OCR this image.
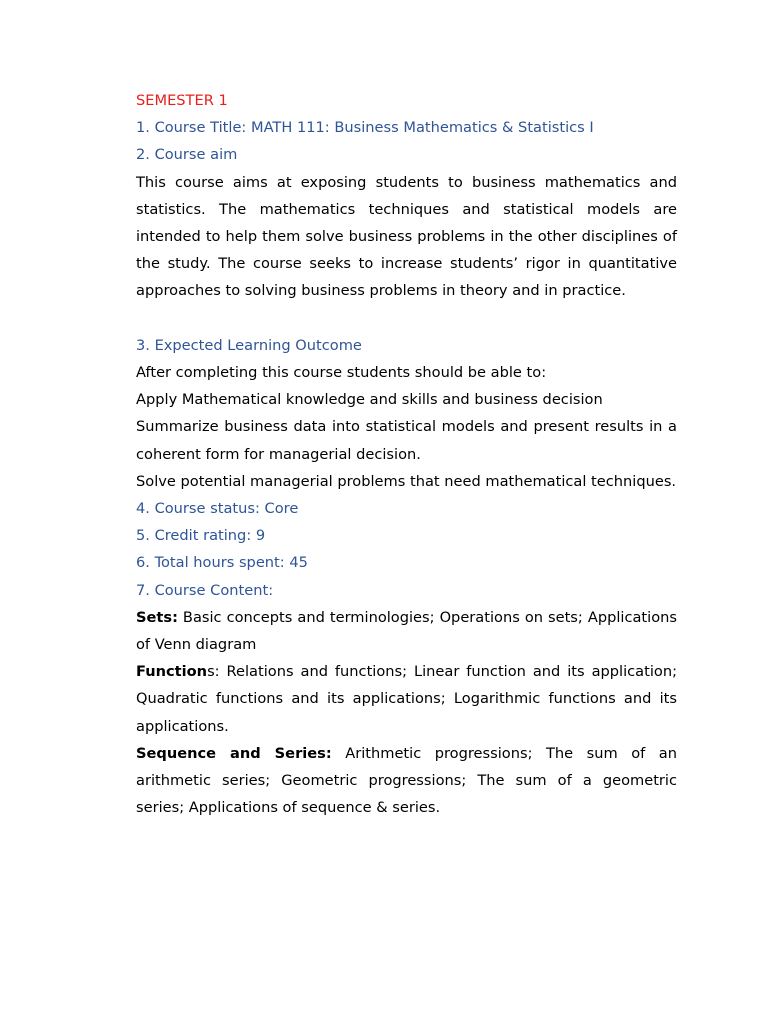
SEMESTER 1

1. Course Title: MATH 111: Business Mathematics & Statistics I

2. Course aim

This course aims at exposing students to business mathematics and statistics. The mathematics techniques and statistical models are intended to help them solve business problems in the other disciplines of the study. The course seeks to increase students’ rigor in quantitative approaches to solving business problems in theory and in practice.

3. Expected Learning Outcome

After completing this course students should be able to:

Apply Mathematical knowledge and skills and business decision

Summarize business data into statistical models and present results in a coherent form for managerial decision.

Solve potential managerial problems that need mathematical techniques.

4. Course status: Core

5. Credit rating: 9

6. Total hours spent: 45

7. Course Content:

Sets: Basic concepts and terminologies; Operations on sets; Applications of Venn diagram

Functions: Relations and functions; Linear function and its application; Quadratic functions and its applications; Logarithmic functions and its applications.

Sequence and Series: Arithmetic progressions; The sum of an arithmetic series; Geometric progressions; The sum of a geometric series; Applications of sequence & series.
